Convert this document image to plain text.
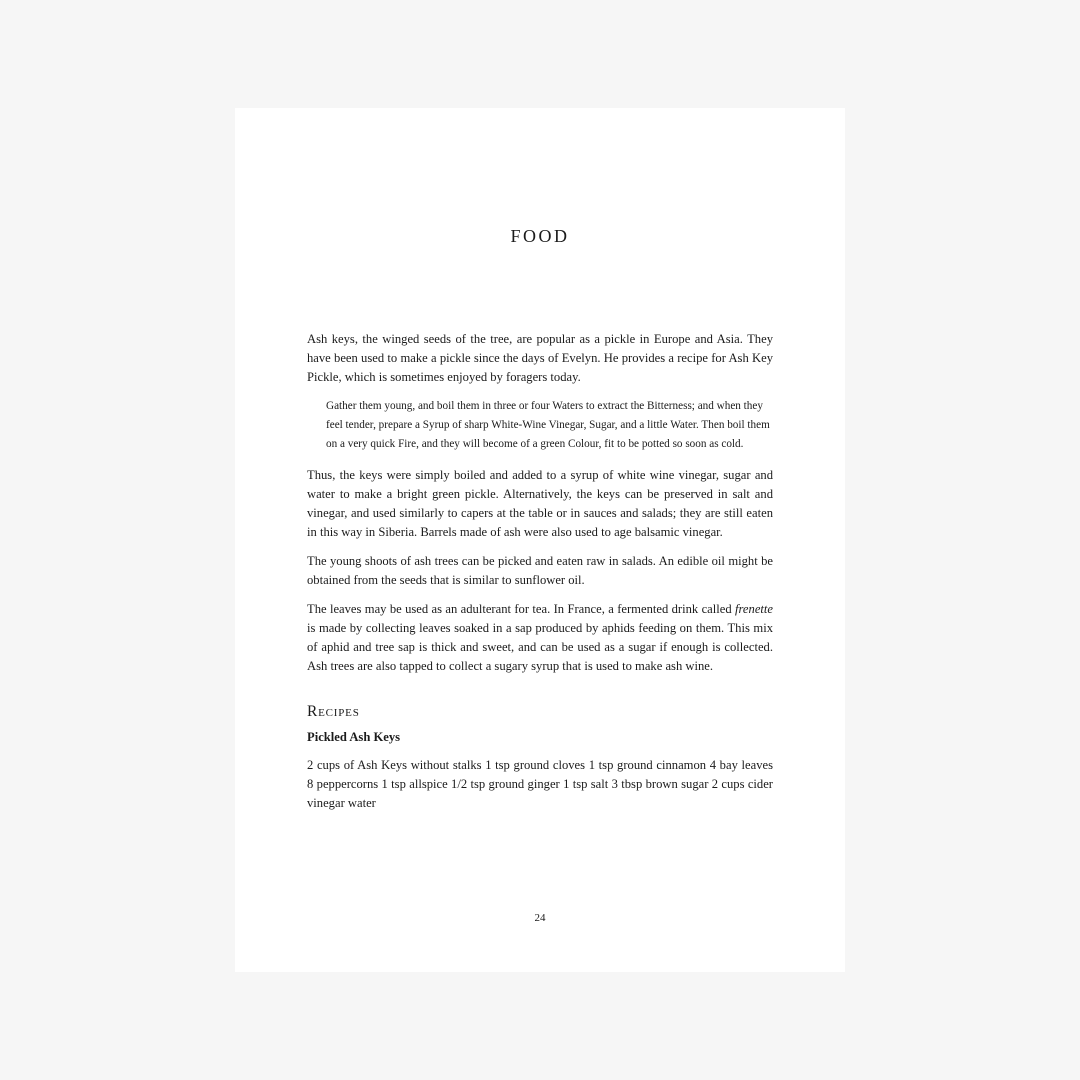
FOOD

Ash keys, the winged seeds of the tree, are popular as a pickle in Europe and Asia. They have been used to make a pickle since the days of Evelyn. He provides a recipe for Ash Key Pickle, which is sometimes enjoyed by foragers today.

Gather them young, and boil them in three or four Waters to extract the Bitterness; and when they feel tender, prepare a Syrup of sharp White-Wine Vinegar, Sugar, and a little Water. Then boil them on a very quick Fire, and they will become of a green Colour, fit to be potted so soon as cold.

Thus, the keys were simply boiled and added to a syrup of white wine vinegar, sugar and water to make a bright green pickle. Alternatively, the keys can be preserved in salt and vinegar, and used similarly to capers at the table or in sauces and salads; they are still eaten in this way in Siberia. Barrels made of ash were also used to age balsamic vinegar.

The young shoots of ash trees can be picked and eaten raw in salads. An edible oil might be obtained from the seeds that is similar to sunflower oil.

The leaves may be used as an adulterant for tea. In France, a fermented drink called frenette is made by collecting leaves soaked in a sap produced by aphids feeding on them. This mix of aphid and tree sap is thick and sweet, and can be used as a sugar if enough is collected. Ash trees are also tapped to collect a sugary syrup that is used to make ash wine.

Recipes
Pickled Ash Keys

2 cups of Ash Keys without stalks 1 tsp ground cloves 1 tsp ground cinnamon 4 bay leaves 8 peppercorns 1 tsp allspice 1/2 tsp ground ginger 1 tsp salt 3 tbsp brown sugar 2 cups cider vinegar water

24
